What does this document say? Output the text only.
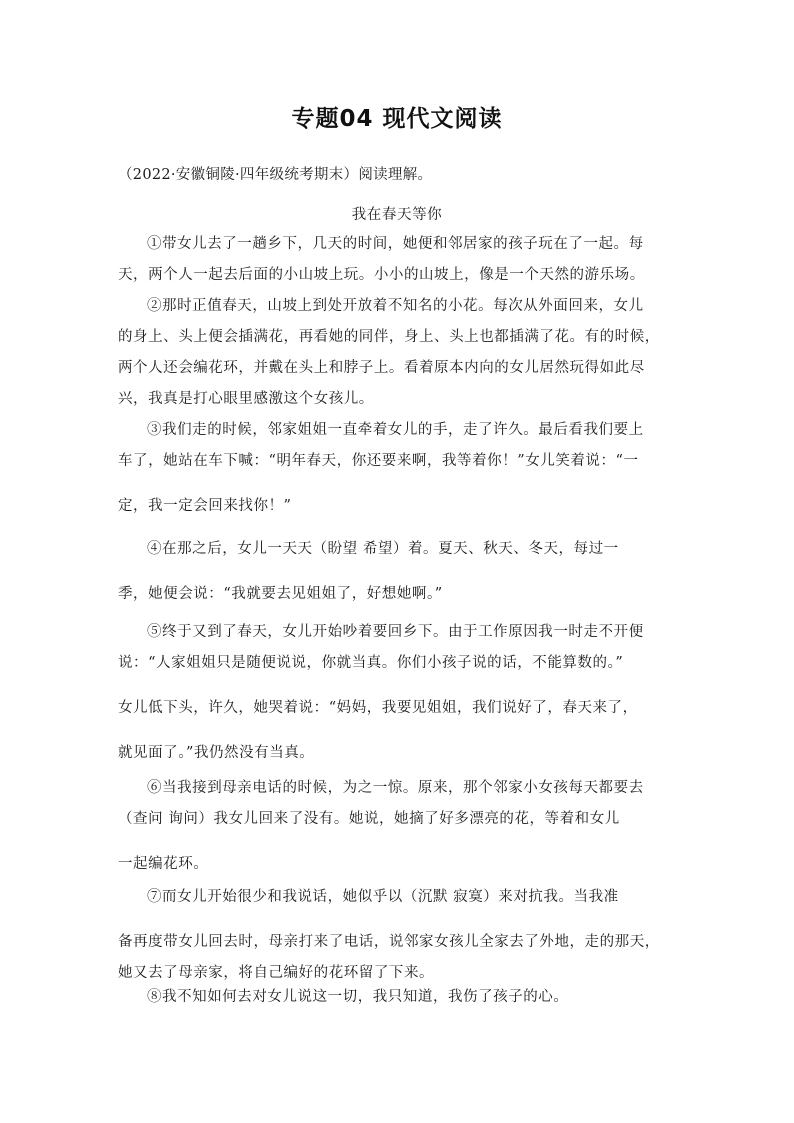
专题04 现代文阅读
（2022·安徽铜陵·四年级统考期末）阅读理解。
我在春天等你
①带女儿去了一趟乡下，几天的时间，她便和邻居家的孩子玩在了一起。每
天，两个人一起去后面的小山坡上玩。小小的山坡上，像是一个天然的游乐场。
②那时正值春天，山坡上到处开放着不知名的小花。每次从外面回来，女儿
的身上、头上便会插满花，再看她的同伴，身上、头上也都插满了花。有的时候，
两个人还会编花环，并戴在头上和脖子上。看着原本内向的女儿居然玩得如此尽
兴，我真是打心眼里感激这个女孩儿。
③我们走的时候，邻家姐姐一直牵着女儿的手，走了许久。最后看我们要上
车了，她站在车下喊：“明年春天，你还要来啊，我等着你！”女儿笑着说：“一
定，我一定会回来找你！”
④在那之后，女儿一天天（盼望 希望）着。夏天、秋天、冬天，每过一
季，她便会说：“我就要去见姐姐了，好想她啊。”
⑤终于又到了春天，女儿开始吵着要回乡下。由于工作原因我一时走不开便
说：“人家姐姐只是随便说说，你就当真。你们小孩子说的话，不能算数的。”
女儿低下头，许久，她哭着说：“妈妈，我要见姐姐，我们说好了，春天来了，
就见面了。”我仍然没有当真。
⑥当我接到母亲电话的时候，为之一惊。原来，那个邻家小女孩每天都要去
（查问 询问）我女儿回来了没有。她说，她摘了好多漂亮的花，等着和女儿
一起编花环。
⑦而女儿开始很少和我说话，她似乎以（沉默 寂寞）来对抗我。当我准
备再度带女儿回去时，母亲打来了电话，说邻家女孩儿全家去了外地，走的那天，
她又去了母亲家，将自己编好的花环留了下来。
⑧我不知如何去对女儿说这一切，我只知道，我伤了孩子的心。
